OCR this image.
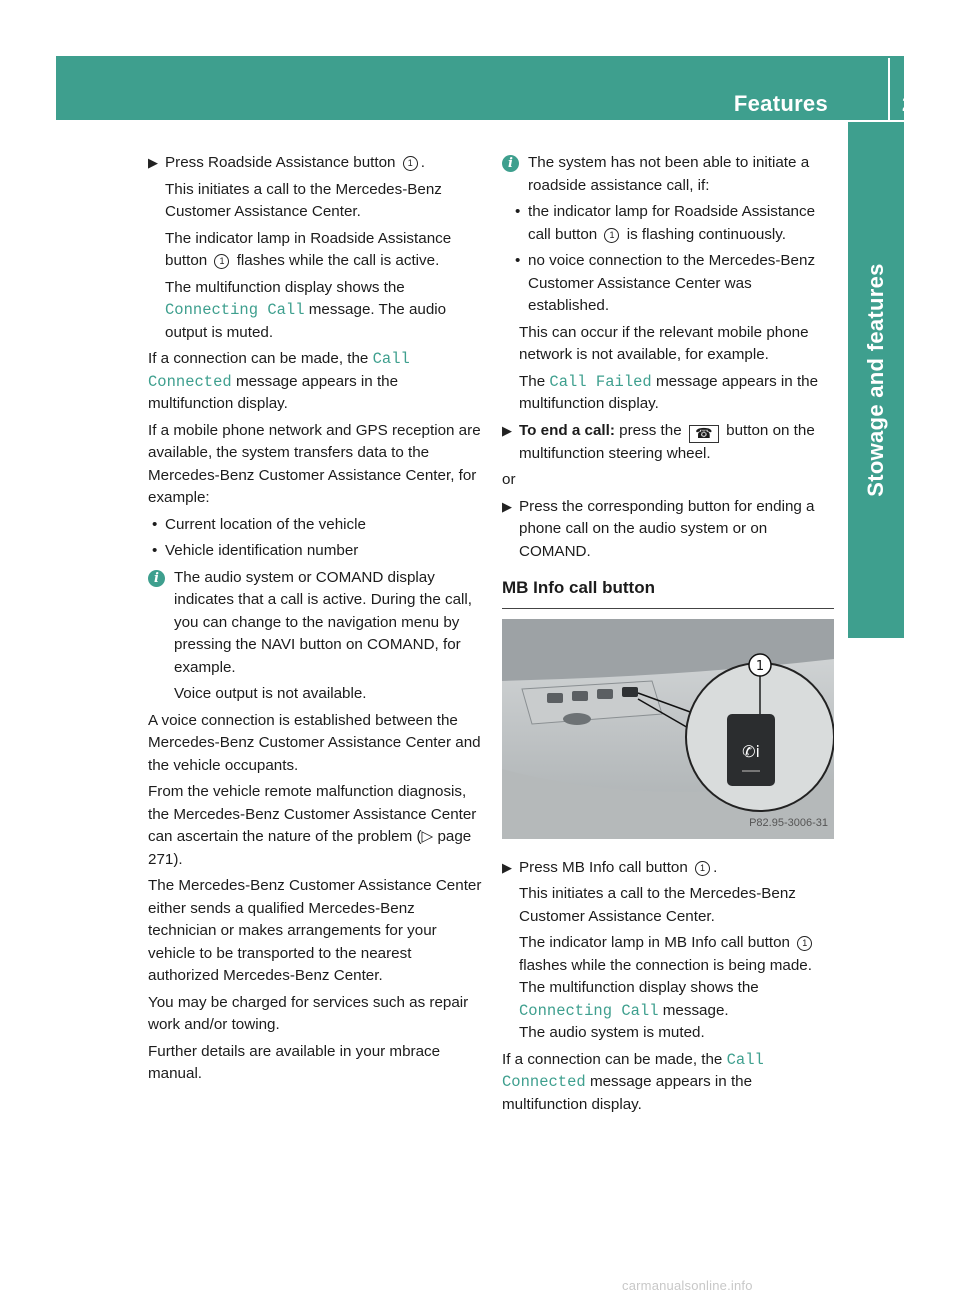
Features	267
Stowage and features
▶ Press Roadside Assistance button 1 .
This initiates a call to the Mercedes-Benz Customer Assistance Center.
The indicator lamp in Roadside Assistance button 1 flashes while the call is active.
The multifunction display shows the Connecting Call message. The audio output is muted.
If a connection can be made, the Call Connected message appears in the multifunction display.
If a mobile phone network and GPS reception are available, the system transfers data to the Mercedes-Benz Customer Assistance Center, for example:
• Current location of the vehicle
• Vehicle identification number
i The audio system or COMAND display indicates that a call is active. During the call, you can change to the navigation menu by pressing the NAVI button on COMAND, for example.
Voice output is not available.
A voice connection is established between the Mercedes-Benz Customer Assistance Center and the vehicle occupants.
From the vehicle remote malfunction diagnosis, the Mercedes-Benz Customer Assistance Center can ascertain the nature of the problem (▷ page 271).
The Mercedes-Benz Customer Assistance Center either sends a qualified Mercedes-Benz technician or makes arrangements for your vehicle to be transported to the nearest authorized Mercedes-Benz Center.
You may be charged for services such as repair work and/or towing.
Further details are available in your mbrace manual.
i The system has not been able to initiate a roadside assistance call, if:
• the indicator lamp for Roadside Assistance call button 1 is flashing continuously.
• no voice connection to the Mercedes-Benz Customer Assistance Center was established.
This can occur if the relevant mobile phone network is not available, for example.
The Call Failed message appears in the multifunction display.
▶ To end a call: press the ☎ button on the multifunction steering wheel.
or
▶ Press the corresponding button for ending a phone call on the audio system or on COMAND.
MB Info call button
✆i
1
P82.95-3006-31
▶ Press MB Info call button 1 .
This initiates a call to the Mercedes-Benz Customer Assistance Center.
The indicator lamp in MB Info call button 1 flashes while the connection is being made. The multifunction display shows the Connecting Call message.
The audio system is muted.
If a connection can be made, the Call Connected message appears in the multifunction display.
carmanualsonline.info
